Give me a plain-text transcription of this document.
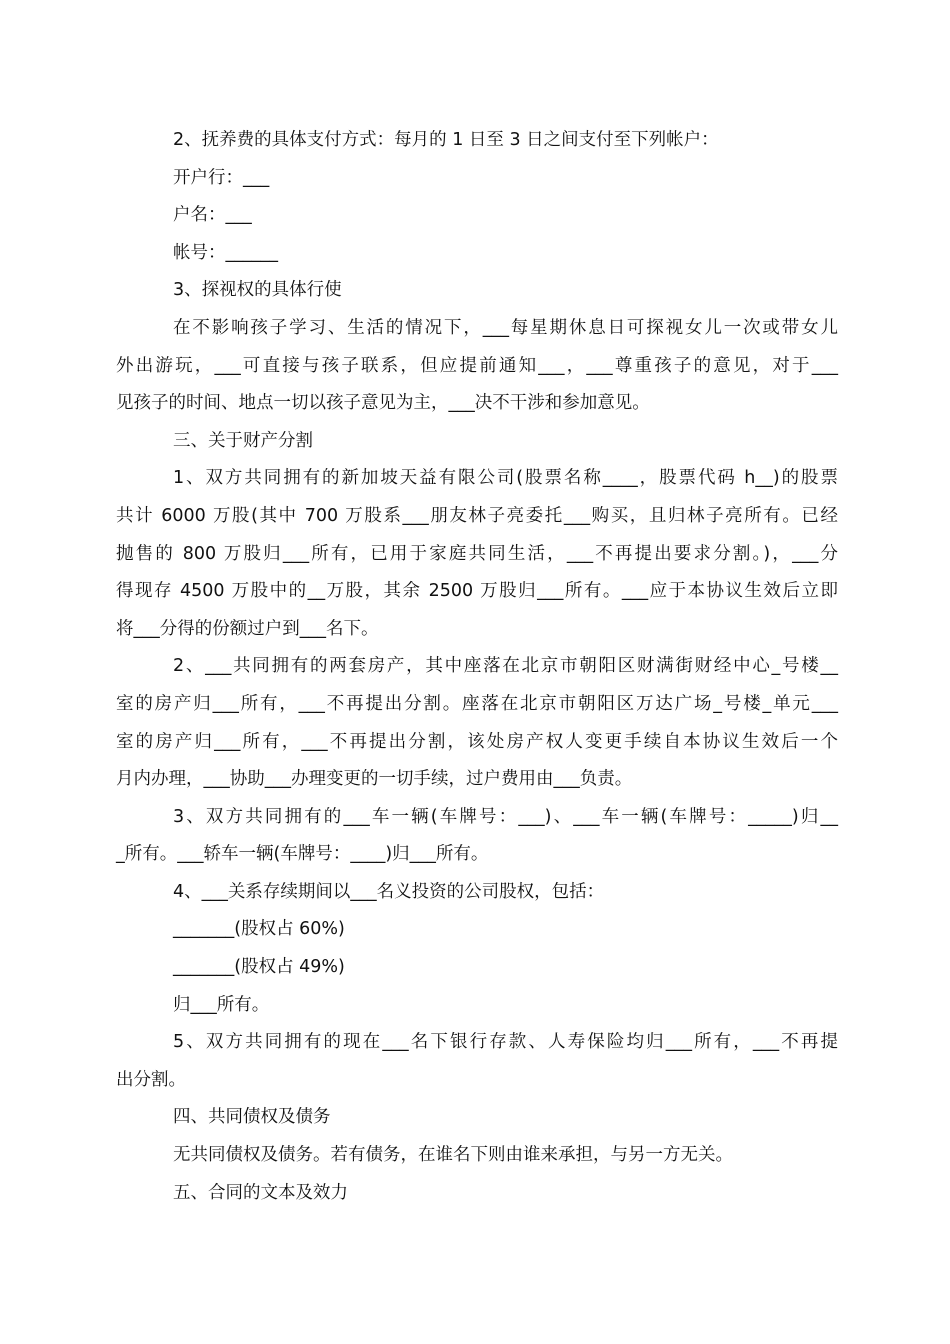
2、抚养费的具体支付方式：每月的 1 日至 3 日之间支付至下列帐户：

开户行：___

户名：___

帐号：______

3、探视权的具体行使

在不影响孩子学习、生活的情况下，___每星期休息日可探视女儿一次或带女儿
外出游玩，___可直接与孩子联系，但应提前通知___，___尊重孩子的意见，对于___
见孩子的时间、地点一切以孩子意见为主，___决不干涉和参加意见。

三、关于财产分割

1、双方共同拥有的新加坡天益有限公司(股票名称____，股票代码 h__)的股票
共计 6000 万股(其中 700 万股系___朋友林子亮委托___购买，且归林子亮所有。已经
抛售的 800 万股归___所有，已用于家庭共同生活，___不再提出要求分割。)，___分
得现存 4500 万股中的__万股，其余 2500 万股归___所有。___应于本协议生效后立即
将___分得的份额过户到___名下。

2、___共同拥有的两套房产，其中座落在北京市朝阳区财满街财经中心_号楼__
室的房产归___所有，___不再提出分割。座落在北京市朝阳区万达广场_号楼_单元___
室的房产归___所有，___不再提出分割，该处房产权人变更手续自本协议生效后一个
月内办理，___协助___办理变更的一切手续，过户费用由___负责。

3、双方共同拥有的___车一辆(车牌号：___)、___车一辆(车牌号：_____)归__
_所有。___轿车一辆(车牌号：____)归___所有。

4、___关系存续期间以___名义投资的公司股权，包括：

_______(股权占 60%)

_______(股权占 49%)

归___所有。

5、双方共同拥有的现在___名下银行存款、人寿保险均归___所有，___不再提
出分割。

四、共同债权及债务

无共同债权及债务。若有债务，在谁名下则由谁来承担，与另一方无关。

五、合同的文本及效力
